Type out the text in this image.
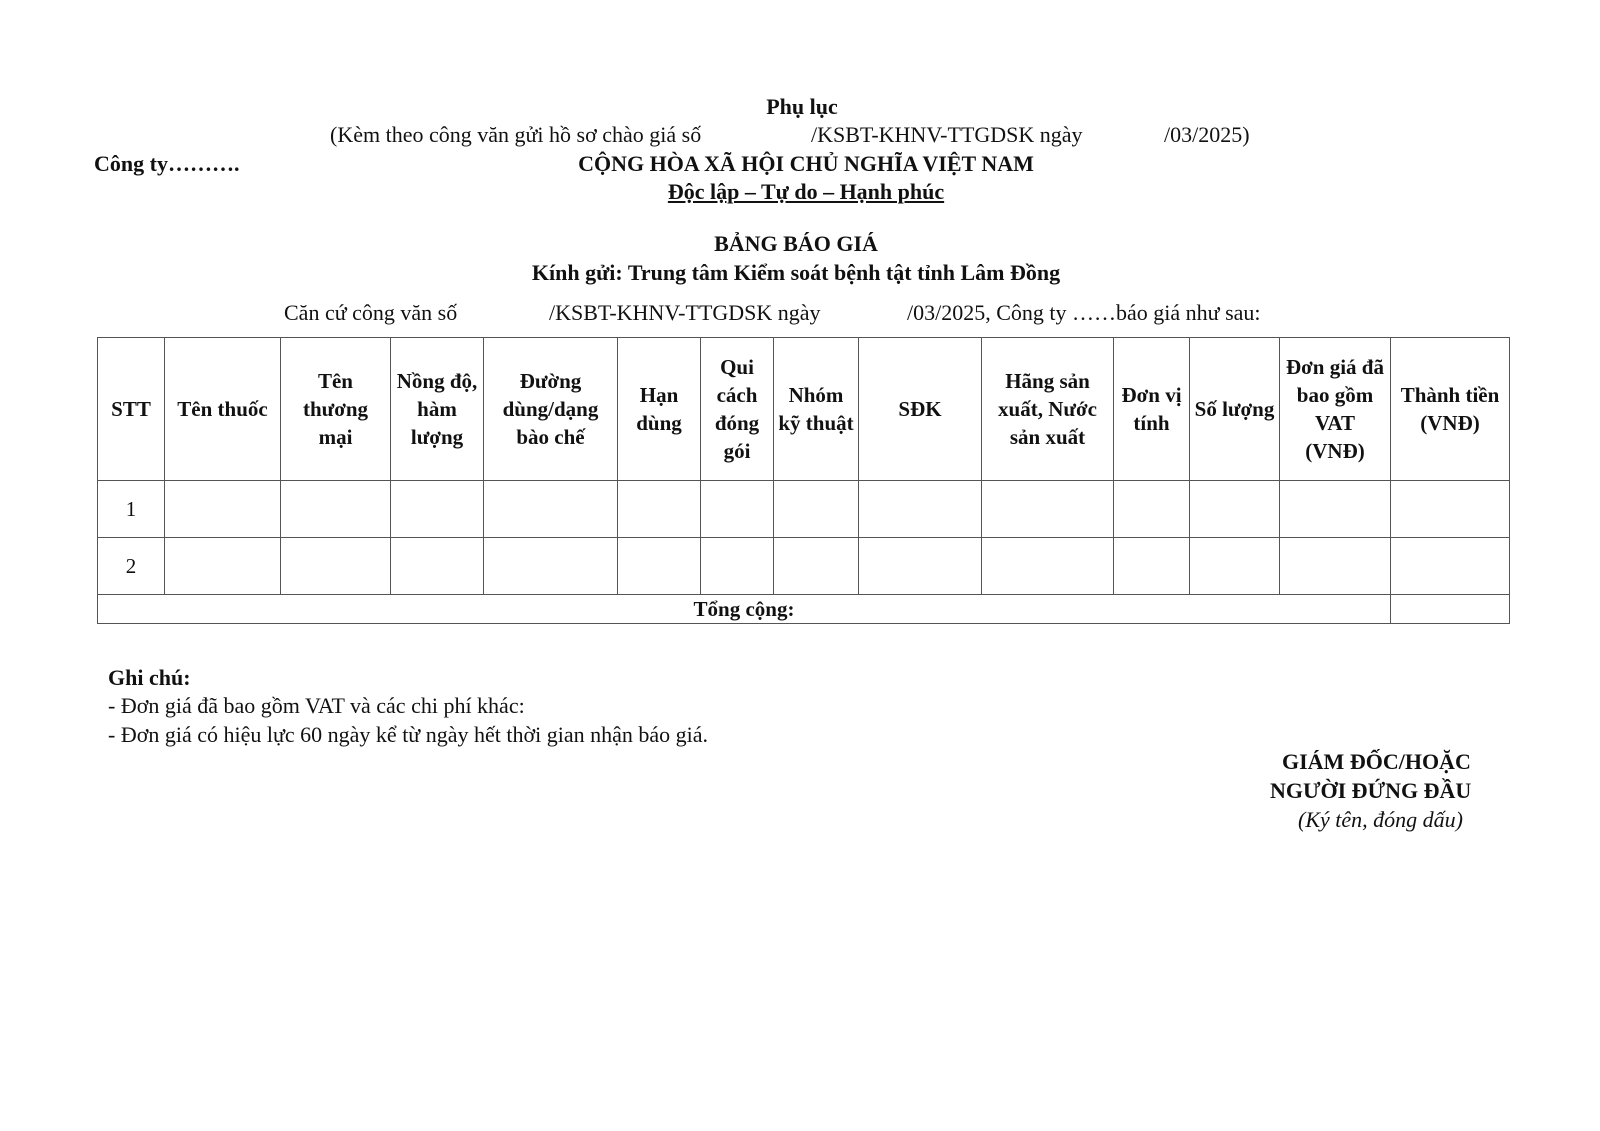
Phụ lục
(Kèm theo công văn gửi hồ sơ chào giá số	/KSBT-KHNV-TTGDSK ngày	/03/2025)
Công ty……….	CỘNG HÒA XÃ HỘI CHỦ NGHĨA VIỆT NAM
Độc lập – Tự do – Hạnh phúc
BẢNG BÁO GIÁ
Kính gửi: Trung tâm Kiểm soát bệnh tật tỉnh Lâm Đồng
Căn cứ công văn số	/KSBT-KHNV-TTGDSK ngày	/03/2025, Công ty ……báo giá như sau:
STT	Tên thuốc	Tên thương mại	Nồng độ, hàm lượng	Đường dùng/dạng bào chế	Hạn dùng	Qui cách đóng gói	Nhóm kỹ thuật	SĐK	Hãng sản xuất, Nước sản xuất	Đơn vị tính	Số lượng	Đơn giá đã bao gồm VAT (VNĐ)	Thành tiền (VNĐ)
1													
2													
Tổng cộng:													
Ghi chú:
- Đơn giá đã bao gồm VAT và các chi phí khác:
- Đơn giá có hiệu lực 60 ngày kể từ ngày hết thời gian nhận báo giá.
GIÁM ĐỐC/HOẶC
NGƯỜI ĐỨNG ĐẦU
(Ký tên, đóng dấu)
